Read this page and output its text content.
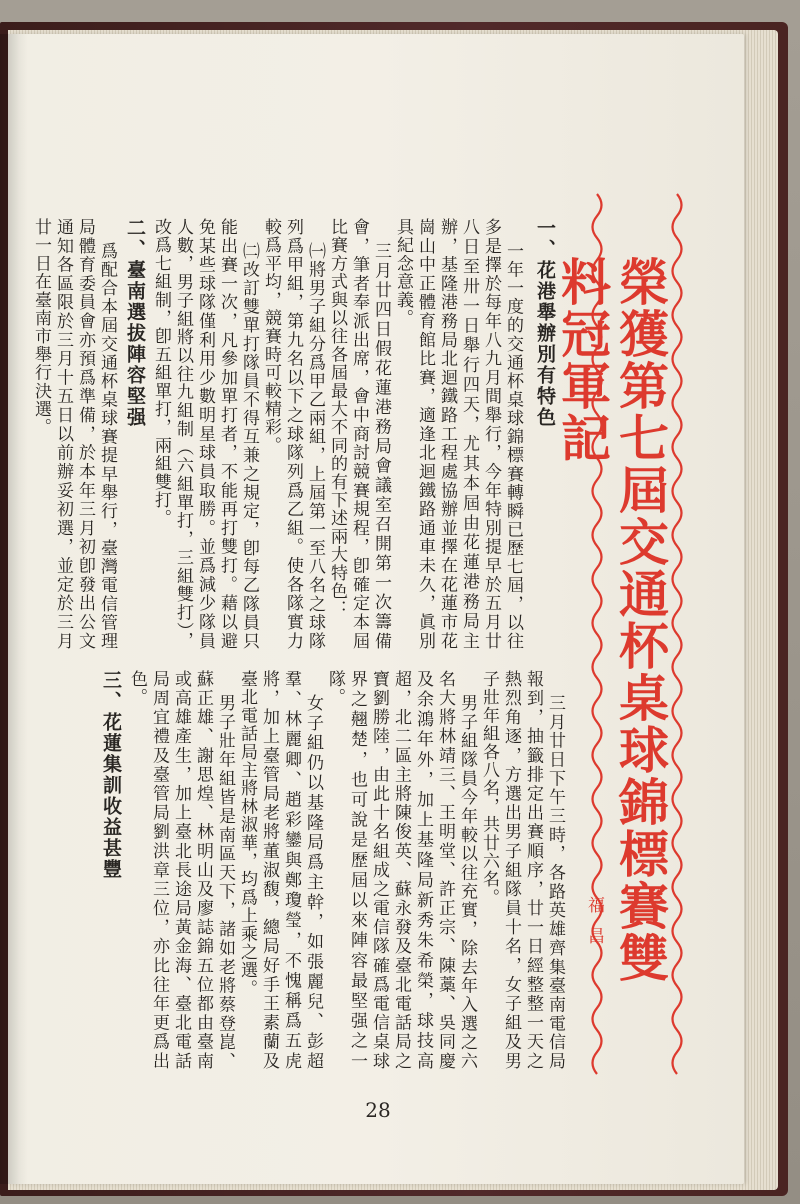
榮獲第七屆交通杯桌球錦標賽雙料冠軍記
福昌
一、花港舉辦別有特色

一年一度的交通杯桌球錦標賽轉瞬已歷七屆，以往多是擇於每年八九月間舉行，今年特別提早於五月廿八日至卅一日舉行四天，尤其本屆由花蓮港務局主辦，基隆港務局北迴鐵路工程處協辦並擇在花蓮市花崗山中正體育館比賽，適逢北迴鐵路通車未久，眞別具紀念意義。

三月廿四日假花蓮港務局會議室召開第一次籌備會，筆者奉派出席，會中商討競賽規程，卽確定本屆比賽方式與以往各屆最大不同的有下述兩大特色：

㈠將男子組分爲甲乙兩組，上屆第一至八名之球隊列爲甲組，第九名以下之球隊列爲乙組。使各隊實力較爲平均，競賽時可較精彩。

㈡改訂雙單打隊員不得互兼之規定，卽每乙隊員只能出賽一次，凡參加單打者，不能再打雙打。藉以避免某些球隊僅利用少數明星球員取勝。並爲減少隊員人數，男子組將以往九組制（六組單打，三組雙打），改爲七組制，卽五組單打，兩組雙打。

二、臺南選拔陣容堅强

爲配合本屆交通杯桌球賽提早舉行，臺灣電信管理局體育委員會亦預爲準備，於本年三月初卽發出公文通知各區限於三月十五日以前辦妥初選，並定於三月廿一日在臺南市舉行決選。

三月廿日下午三時，各路英雄齊集臺南電信局報到，抽籤排定出賽順序，廿一日經整整一天之熱烈角逐，方選出男子組隊員十名，女子組及男子壯年組各八名，共廿六名。

男子組隊員今年較以往充實，除去年入選之六名大將林靖三、王明堂、許正宗、陳藁、吳同慶及余鴻年外，加上基隆局新秀朱希榮，球技高超，北二區主將陳俊英、蘇永發及臺北電話局之寶劉勝陸，由此十名組成之電信隊確爲電信桌球界之翹楚，也可說是歷屆以來陣容最堅强之一隊。

女子組仍以基隆局爲主幹，如張麗兒、彭超羣、林麗卿、趙彩鑾與鄭瓊瑩，不愧稱爲五虎將，加上臺管局老將董淑馥，總局好手王素蘭及臺北電話局主將林淑華，均爲上乘之選。

男子壯年組皆是南區天下，諸如老將蔡登崑、蘇正雄、謝思煌、林明山及廖誌錦五位都由臺南或高雄產生，加上臺北長途局黃金海、臺北電話局周宜禮及臺管局劉洪章三位，亦比往年更爲出色。

三、花蓮集訓收益甚豐
28
